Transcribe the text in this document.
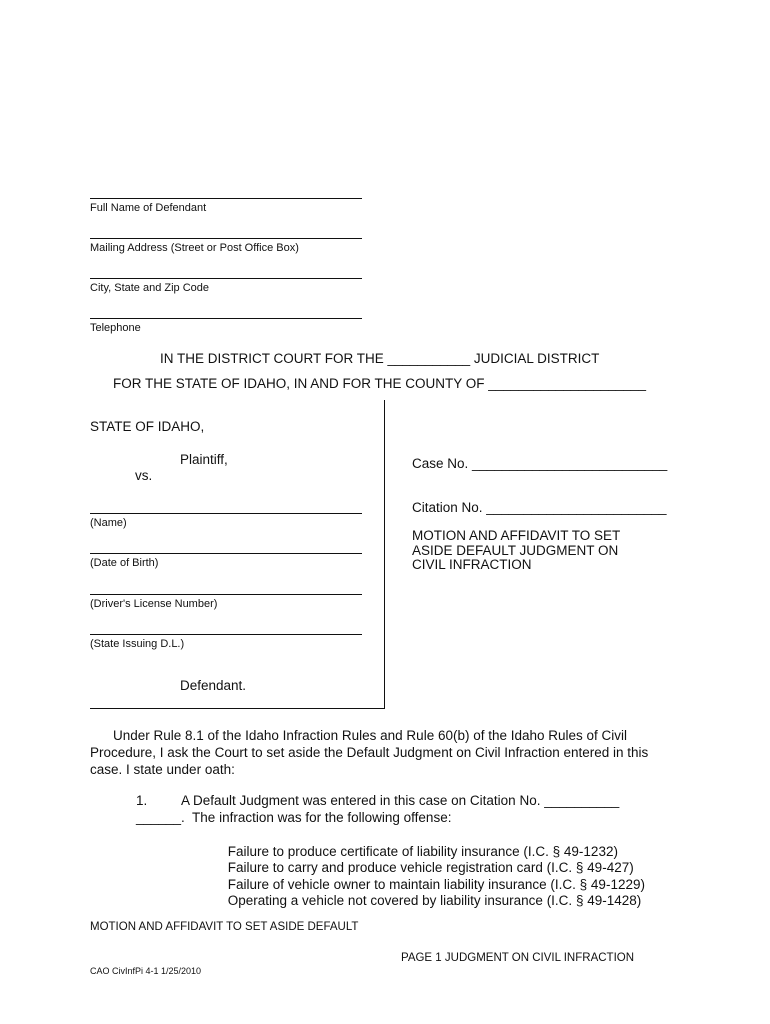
Full Name of Defendant
Mailing Address (Street or Post Office Box)
City, State and Zip Code
Telephone
IN THE DISTRICT COURT FOR THE ___________ JUDICIAL DISTRICT
FOR THE STATE OF IDAHO, IN AND FOR THE COUNTY OF _____________________
STATE OF IDAHO,
Plaintiff,
vs.
(Name)
(Date of Birth)
(Driver's License Number)
(State Issuing D.L.)
Defendant.
Case No. __________________________
Citation No. ________________________
MOTION AND AFFIDAVIT TO SET
ASIDE DEFAULT JUDGMENT ON
CIVIL INFRACTION
Under Rule 8.1 of the Idaho Infraction Rules and Rule 60(b) of the Idaho Rules of Civil
Procedure, I ask the Court to set aside the Default Judgment on Civil Infraction entered in this
case. I state under oath:
1. A Default Judgment was entered in this case on Citation No. __________
______.  The infraction was for the following offense:
Failure to produce certificate of liability insurance (I.C. § 49-1232)
Failure to carry and produce vehicle registration card (I.C. § 49-427)
Failure of vehicle owner to maintain liability insurance (I.C. § 49-1229)
Operating a vehicle not covered by liability insurance (I.C. § 49-1428)
MOTION AND AFFIDAVIT TO SET ASIDE DEFAULT
PAGE 1 JUDGMENT ON CIVIL INFRACTION
CAO CivInfPi 4-1 1/25/2010
